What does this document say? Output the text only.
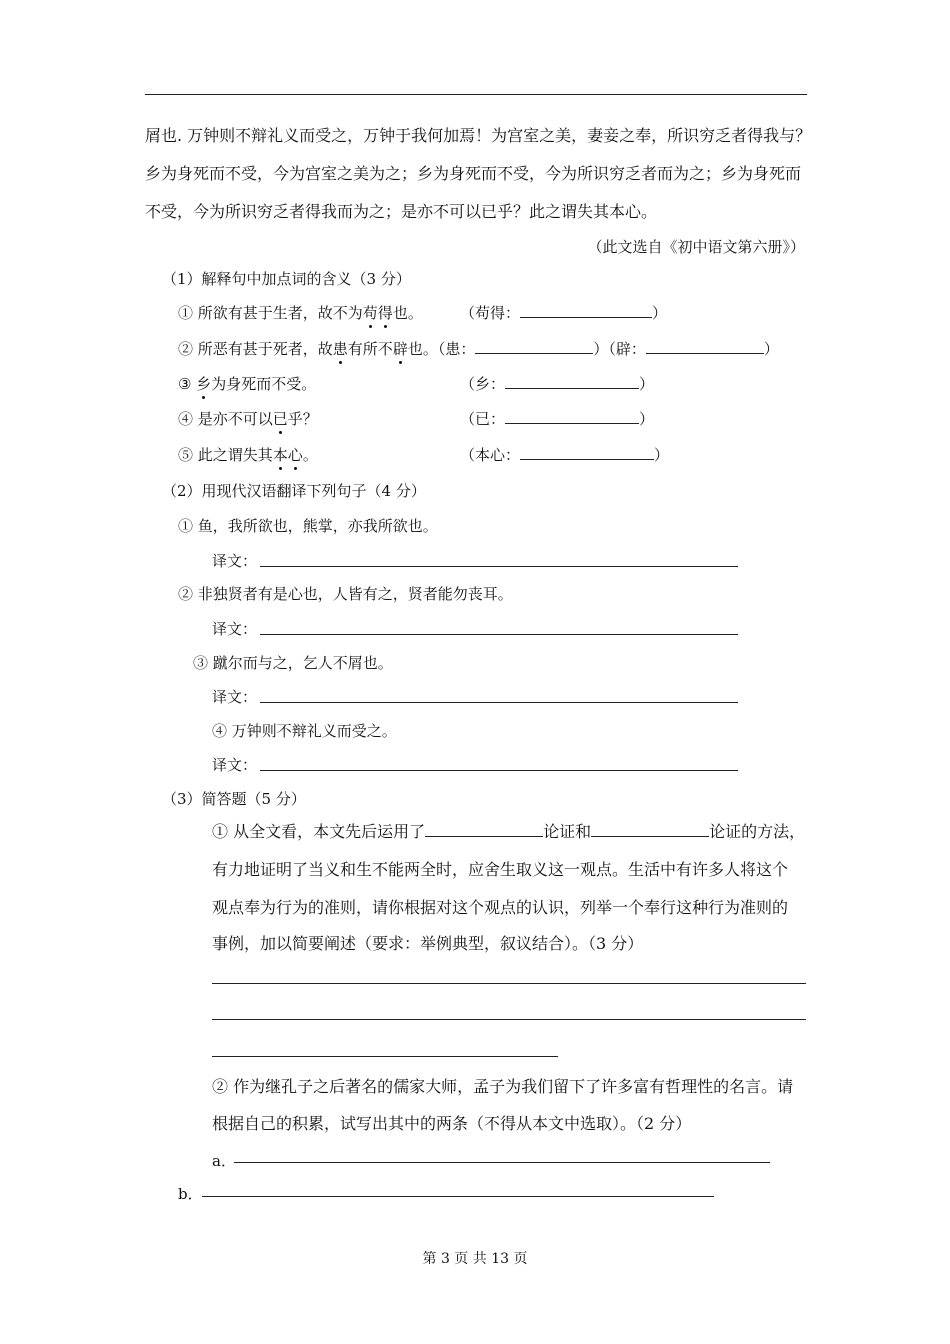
屑也. 万钟则不辩礼义而受之，万钟于我何加焉！为宫室之美，妻妾之奉，所识穷乏者得我与？
乡为身死而不受，今为宫室之美为之；乡为身死而不受，今为所识穷乏者而为之；乡为身死而
不受，今为所识穷乏者得我而为之；是亦不可以已乎？此之谓失其本心。
（此文选自《初中语文第六册》）
（1）解释句中加点词的含义（3 分）
① 所欲有甚于生者，故不为苟得也。 （苟得：	）
② 所恶有甚于死者，故患有所不辟也。（患：	）（辟：	）
③ 乡为身死而不受。	（乡：	）
④ 是亦不可以已乎？	（已：	）
⑤ 此之谓失其本心。	（本心：	）
（2）用现代汉语翻译下列句子（4 分）
① 鱼，我所欲也，熊掌，亦我所欲也。
译文：
② 非独贤者有是心也，人皆有之，贤者能勿丧耳。
译文：
③ 蹴尔而与之，乞人不屑也。
译文：
④ 万钟则不辩礼义而受之。
译文：
（3）简答题（5 分）
① 从全文看，本文先后运用了	论证和	论证的方法，
有力地证明了当义和生不能两全时，应舍生取义这一观点。生活中有许多人将这个
观点奉为行为的准则，请你根据对这个观点的认识，列举一个奉行这种行为准则的
事例，加以简要阐述（要求：举例典型，叙议结合）。（3 分）
② 作为继孔子之后著名的儒家大师，孟子为我们留下了许多富有哲理性的名言。请
根据自己的积累，试写出其中的两条（不得从本文中选取）。（2 分）
a．
b．
第 3 页 共 13 页
